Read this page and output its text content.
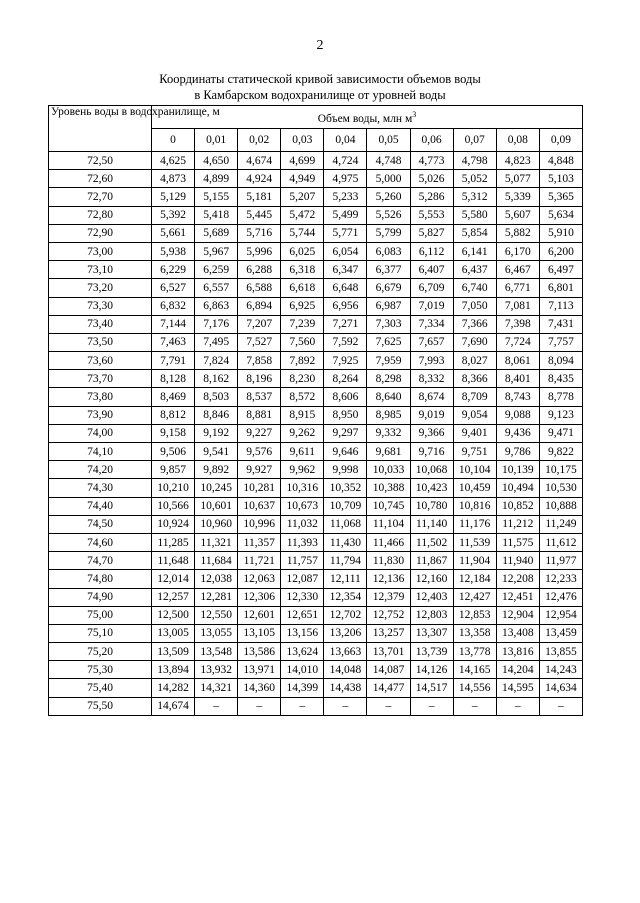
2
Координаты статической кривой зависимости объемов воды
в Камбарском водохранилище от уровней воды
Уровень воды в водохранилище, м	Объем воды, млн $м^3$
	0	0,01	0,02	0,03	0,04	0,05	0,06	0,07	0,08	0,09
72,50	4,625	4,650	4,674	4,699	4,724	4,748	4,773	4,798	4,823	4,848
72,60	4,873	4,899	4,924	4,949	4,975	5,000	5,026	5,052	5,077	5,103
72,70	5,129	5,155	5,181	5,207	5,233	5,260	5,286	5,312	5,339	5,365
72,80	5,392	5,418	5,445	5,472	5,499	5,526	5,553	5,580	5,607	5,634
72,90	5,661	5,689	5,716	5,744	5,771	5,799	5,827	5,854	5,882	5,910
73,00	5,938	5,967	5,996	6,025	6,054	6,083	6,112	6,141	6,170	6,200
73,10	6,229	6,259	6,288	6,318	6,347	6,377	6,407	6,437	6,467	6,497
73,20	6,527	6,557	6,588	6,618	6,648	6,679	6,709	6,740	6,771	6,801
73,30	6,832	6,863	6,894	6,925	6,956	6,987	7,019	7,050	7,081	7,113
73,40	7,144	7,176	7,207	7,239	7,271	7,303	7,334	7,366	7,398	7,431
73,50	7,463	7,495	7,527	7,560	7,592	7,625	7,657	7,690	7,724	7,757
73,60	7,791	7,824	7,858	7,892	7,925	7,959	7,993	8,027	8,061	8,094
73,70	8,128	8,162	8,196	8,230	8,264	8,298	8,332	8,366	8,401	8,435
73,80	8,469	8,503	8,537	8,572	8,606	8,640	8,674	8,709	8,743	8,778
73,90	8,812	8,846	8,881	8,915	8,950	8,985	9,019	9,054	9,088	9,123
74,00	9,158	9,192	9,227	9,262	9,297	9,332	9,366	9,401	9,436	9,471
74,10	9,506	9,541	9,576	9,611	9,646	9,681	9,716	9,751	9,786	9,822
74,20	9,857	9,892	9,927	9,962	9,998	10,033	10,068	10,104	10,139	10,175
74,30	10,210	10,245	10,281	10,316	10,352	10,388	10,423	10,459	10,494	10,530
74,40	10,566	10,601	10,637	10,673	10,709	10,745	10,780	10,816	10,852	10,888
74,50	10,924	10,960	10,996	11,032	11,068	11,104	11,140	11,176	11,212	11,249
74,60	11,285	11,321	11,357	11,393	11,430	11,466	11,502	11,539	11,575	11,612
74,70	11,648	11,684	11,721	11,757	11,794	11,830	11,867	11,904	11,940	11,977
74,80	12,014	12,038	12,063	12,087	12,111	12,136	12,160	12,184	12,208	12,233
74,90	12,257	12,281	12,306	12,330	12,354	12,379	12,403	12,427	12,451	12,476
75,00	12,500	12,550	12,601	12,651	12,702	12,752	12,803	12,853	12,904	12,954
75,10	13,005	13,055	13,105	13,156	13,206	13,257	13,307	13,358	13,408	13,459
75,20	13,509	13,548	13,586	13,624	13,663	13,701	13,739	13,778	13,816	13,855
75,30	13,894	13,932	13,971	14,010	14,048	14,087	14,126	14,165	14,204	14,243
75,40	14,282	14,321	14,360	14,399	14,438	14,477	14,517	14,556	14,595	14,634
75,50	14,674	–	–	–	–	–	–	–	–	–
